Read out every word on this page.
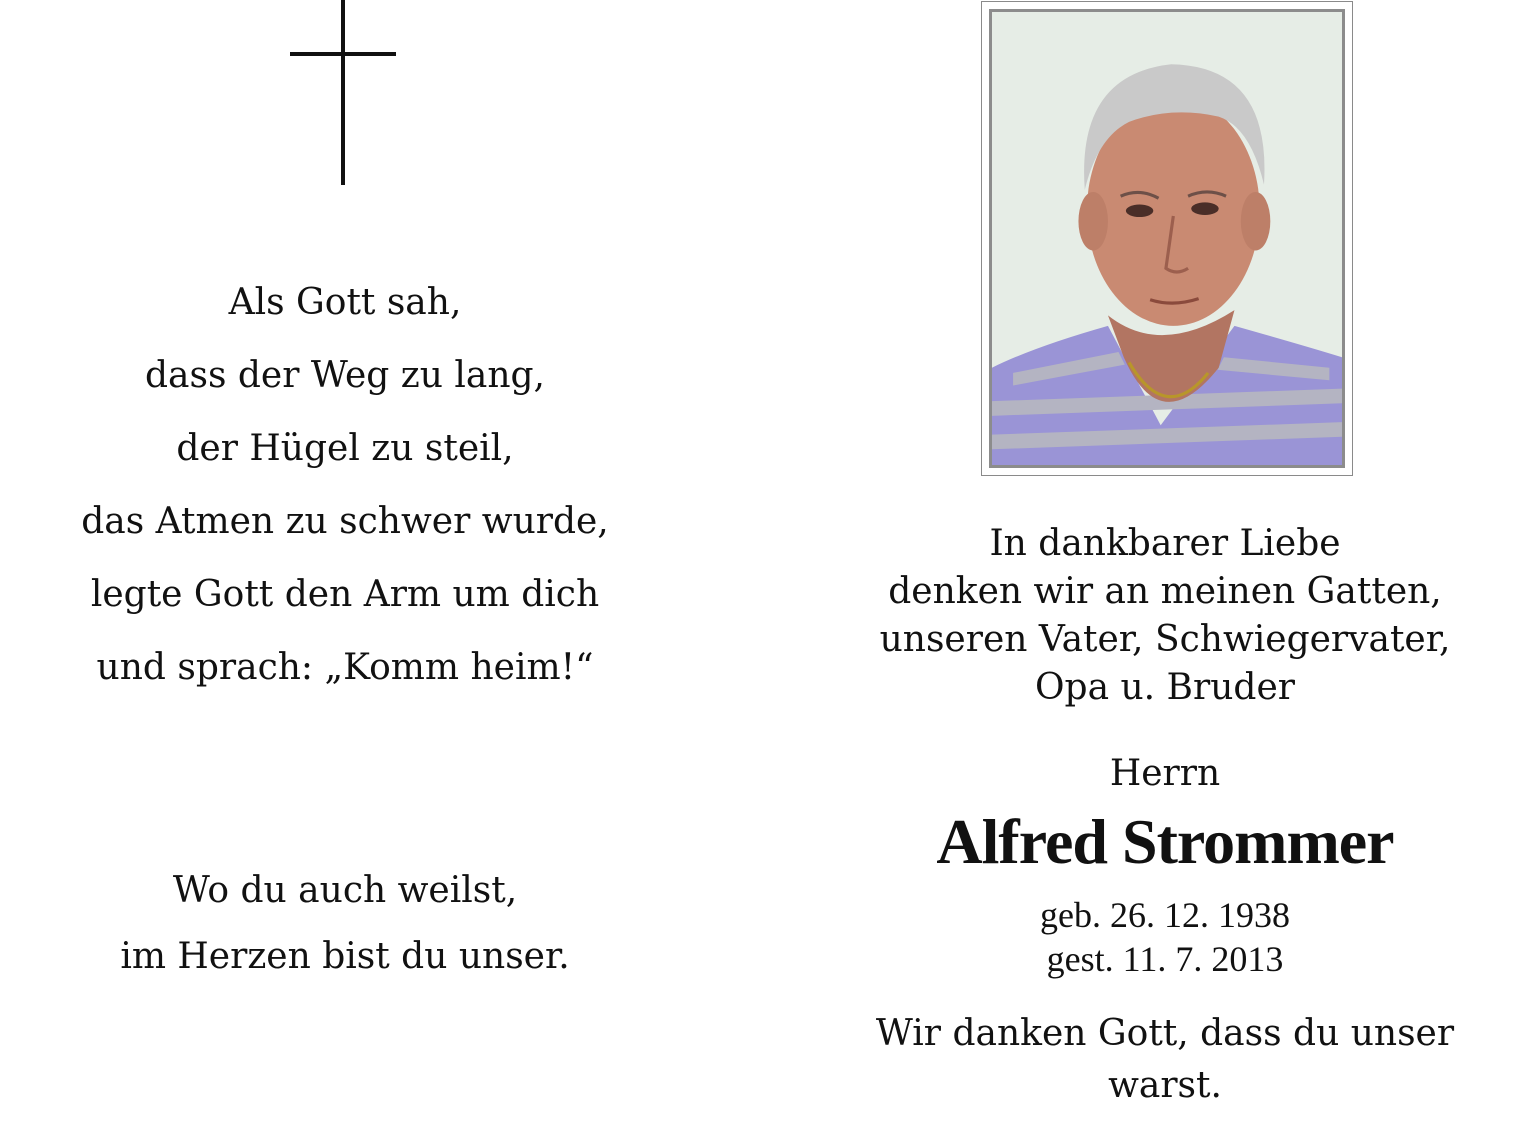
Als Gott sah,
dass der Weg zu lang,
der Hügel zu steil,
das Atmen zu schwer wurde,
legte Gott den Arm um dich
und sprach: „Komm heim!“
Wo du auch weilst,
im Herzen bist du unser.
In dankbarer Liebe
denken wir an meinen Gatten,
unseren Vater, Schwiegervater,
Opa u. Bruder
Herrn
Alfred Strommer
geb. 26. 12. 1938
gest. 11. 7. 2013
Wir danken Gott, dass du unser warst.
